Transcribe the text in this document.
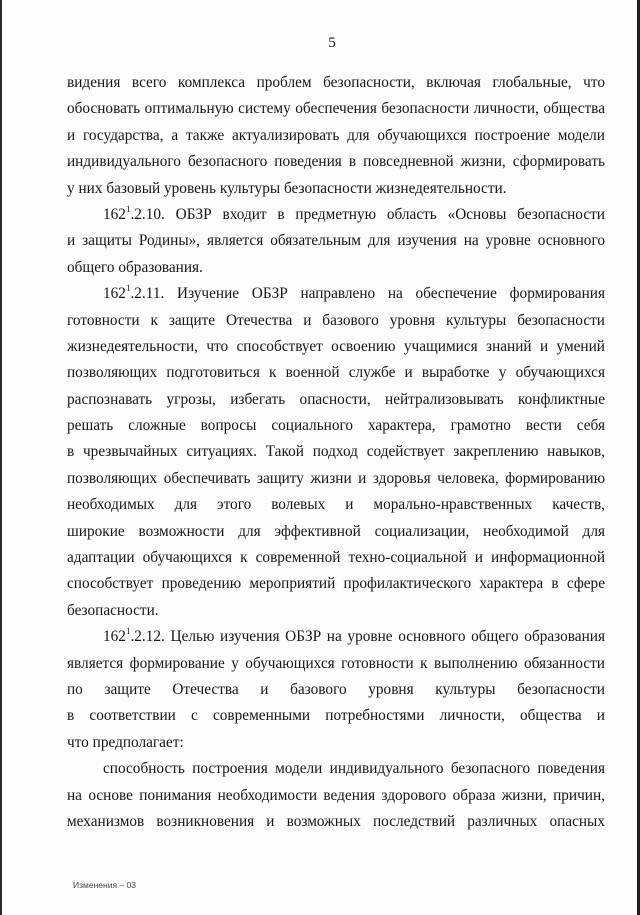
5
видения всего комплекса проблем безопасности, включая глобальные, что
обосновать оптимальную систему обеспечения безопасности личности, общества
и государства, а также актуализировать для обучающихся построение модели
индивидуального безопасного поведения в повседневной жизни, сформировать
у них базовый уровень культуры безопасности жизнедеятельности.
$162^1.2.10$. ОБЗР входит в предметную область «Основы безопасности
и защиты Родины», является обязательным для изучения на уровне основного
общего образования.
$162^1.2.11$. Изучение ОБЗР направлено на обеспечение формирования
готовности к защите Отечества и базового уровня культуры безопасности
жизнедеятельности, что способствует освоению учащимися знаний и умений
позволяющих подготовиться к военной службе и выработке у обучающихся
распознавать угрозы, избегать опасности, нейтрализовывать конфликтные
решать сложные вопросы социального характера, грамотно вести себя
в чрезвычайных ситуациях. Такой подход содействует закреплению навыков,
позволяющих обеспечивать защиту жизни и здоровья человека, формированию
необходимых для этого волевых и морально-нравственных качеств,
широкие возможности для эффективной социализации, необходимой для
адаптации обучающихся к современной техно-социальной и информационной
способствует проведению мероприятий профилактического характера в сфере
безопасности.
$162^1.2.12$. Целью изучения ОБЗР на уровне основного общего образования
является формирование у обучающихся готовности к выполнению обязанности
по защите Отечества и базового уровня культуры безопасности
в соответствии с современными потребностями личности, общества и
что предполагает:
способность построения модели индивидуального безопасного поведения
на основе понимания необходимости ведения здорового образа жизни, причин,
механизмов возникновения и возможных последствий различных опасных
Изменения – 03
